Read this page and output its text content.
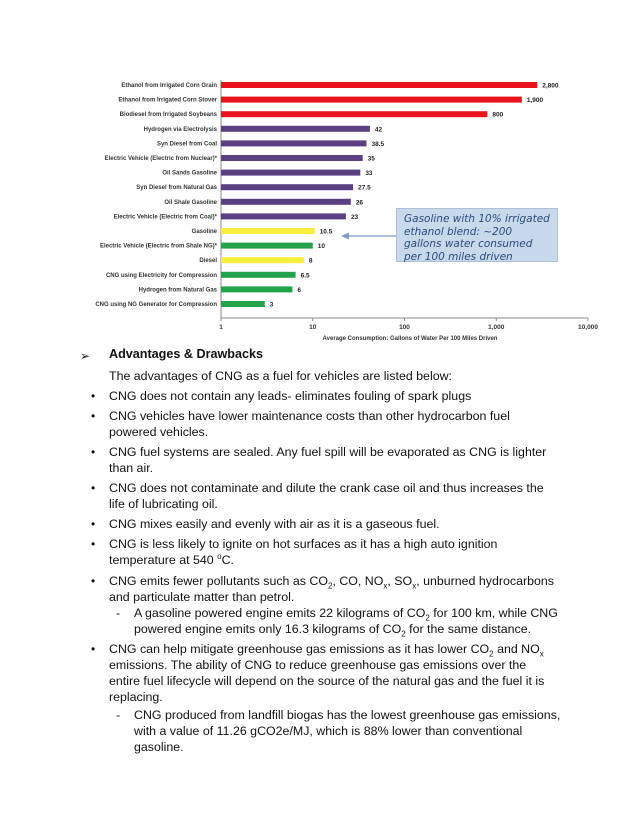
Ethanol from Irrigated Corn Grain
Ethanol from Irrigated Corn Stover
Biodiesel from Irrigated Soybeans
Hydrogen via Electrolysis
Syn Diesel from Coal
Electric Vehicle (Electric from Nuclear)*
Oil Sands Gasoline
Syn Diesel from Natural Gas
Oil Shale Gasoline
Electric Vehicle (Electric from Coal)*
Gasoline
Electric Vehicle (Electric from Shale NG)*
Diesel
CNG using Electricity for Compression
Hydrogen from Natural Gas
CNG using NG Generator for Compression
2,800
1,900
800
42
38.5
35
33
27.5
26
23
10.5
10
8
6.5
6
3
1	10	100	1,000	10,000
Average Consumption: Gallons of Water Per 100 Miles Driven
Gasoline with 10% irrigated ethanol blend: ~200 gallons water consumed per 100 miles driven
➢ Advantages & Drawbacks
The advantages of CNG as a fuel for vehicles are listed below:
• CNG does not contain any leads- eliminates fouling of spark plugs
• CNG vehicles have lower maintenance costs than other hydrocarbon fuel
powered vehicles.
• CNG fuel systems are sealed. Any fuel spill will be evaporated as CNG is lighter
than air.
• CNG does not contaminate and dilute the crank case oil and thus increases the
life of lubricating oil.
• CNG mixes easily and evenly with air as it is a gaseous fuel.
• CNG is less likely to ignite on hot surfaces as it has a high auto ignition
temperature at 540 $^o$C.
• CNG emits fewer pollutants such as $CO_2$, CO, $NO_x$, $SO_x$, unburned hydrocarbons
and particulate matter than petrol.
- A gasoline powered engine emits 22 kilograms of $CO_2$ for 100 km, while CNG
powered engine emits only 16.3 kilograms of $CO_2$ for the same distance.
• CNG can help mitigate greenhouse gas emissions as it has lower $CO_2$ and $NO_x$
emissions. The ability of CNG to reduce greenhouse gas emissions over the
entire fuel lifecycle will depend on the source of the natural gas and the fuel it is
replacing.
- CNG produced from landfill biogas has the lowest greenhouse gas emissions,
with a value of 11.26 gCO2e/MJ, which is 88% lower than conventional
gasoline.
